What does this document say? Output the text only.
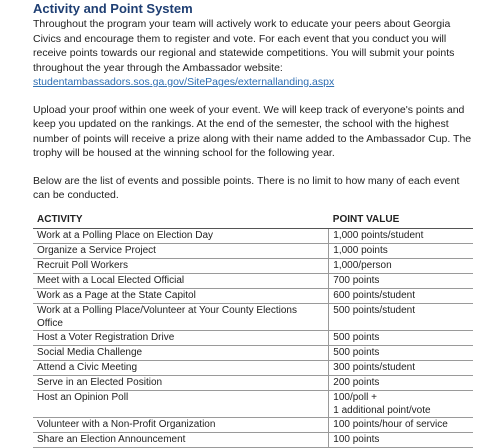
Activity and Point System

Throughout the program your team will actively work to educate your peers about Georgia Civics and encourage them to register and vote. For each event that you conduct you will receive points towards our regional and statewide competitions. You will submit your points throughout the year through the Ambassador website: studentambassadors.sos.ga.gov/SitePages/externallanding.aspx

Upload your proof within one week of your event. We will keep track of everyone's points and keep you updated on the rankings. At the end of the semester, the school with the highest number of points will receive a prize along with their name added to the Ambassador Cup. The trophy will be housed at the winning school for the following year.

Below are the list of events and possible points. There is no limit to how many of each event can be conducted.

ACTIVITY	POINT VALUE
Work at a Polling Place on Election Day	1,000 points/student
Organize a Service Project	1,000 points
Recruit Poll Workers	1,000/person
Meet with a Local Elected Official	700 points
Work as a Page at the State Capitol	600 points/student
Work at a Polling Place/Volunteer at Your County Elections Office	500 points/student
Host a Voter Registration Drive	500 points
Social Media Challenge	500 points
Attend a Civic Meeting	300 points/student
Serve in an Elected Position	200 points
Host an Opinion Poll	100/poll +
1 additional point/vote
Volunteer with a Non-Profit Organization	100 points/hour of service
Share an Election Announcement	100 points
